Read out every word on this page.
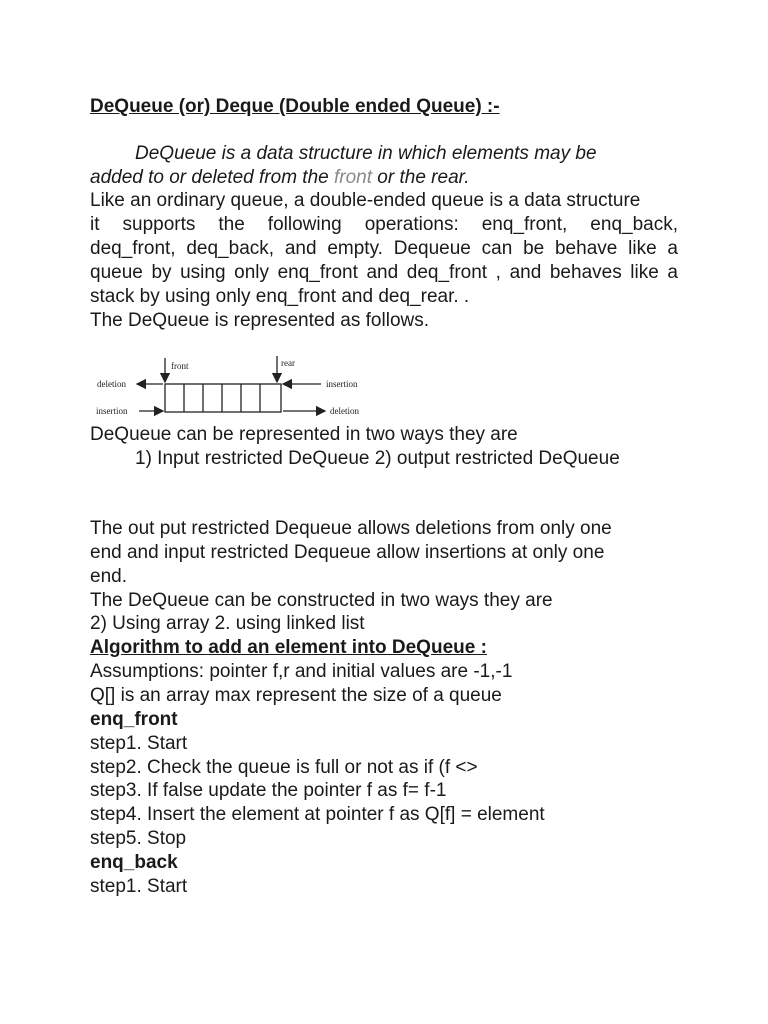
DeQueue (or) Deque (Double ended Queue) :-
DeQueue is a data structure in which elements may be
added to or deleted from the front or the rear.
Like an ordinary queue, a double-ended queue is a data structure
it supports the following operations: enq_front, enq_back,
deq_front, deq_back, and empty. Dequeue can be behave like a
queue by using only enq_front and deq_front , and behaves like a
stack by using only enq_front and deq_rear. .
The DeQueue is represented as follows.
front	rear
deletion
insertion
insertion
deletion
DeQueue can be represented in two ways they are
1) Input restricted DeQueue 2) output restricted DeQueue
The out put restricted Dequeue allows deletions from only one
end and input restricted Dequeue allow insertions at only one
end.
The DeQueue can be constructed in two ways they are
2) Using array 2. using linked list
Algorithm to add an element into DeQueue :
Assumptions: pointer f,r and initial values are -1,-1
Q[] is an array max represent the size of a queue
enq_front
step1. Start
step2. Check the queue is full or not as if (f <>
step3. If false update the pointer f as f= f-1
step4. Insert the element at pointer f as Q[f] = element
step5. Stop
enq_back
step1. Start
